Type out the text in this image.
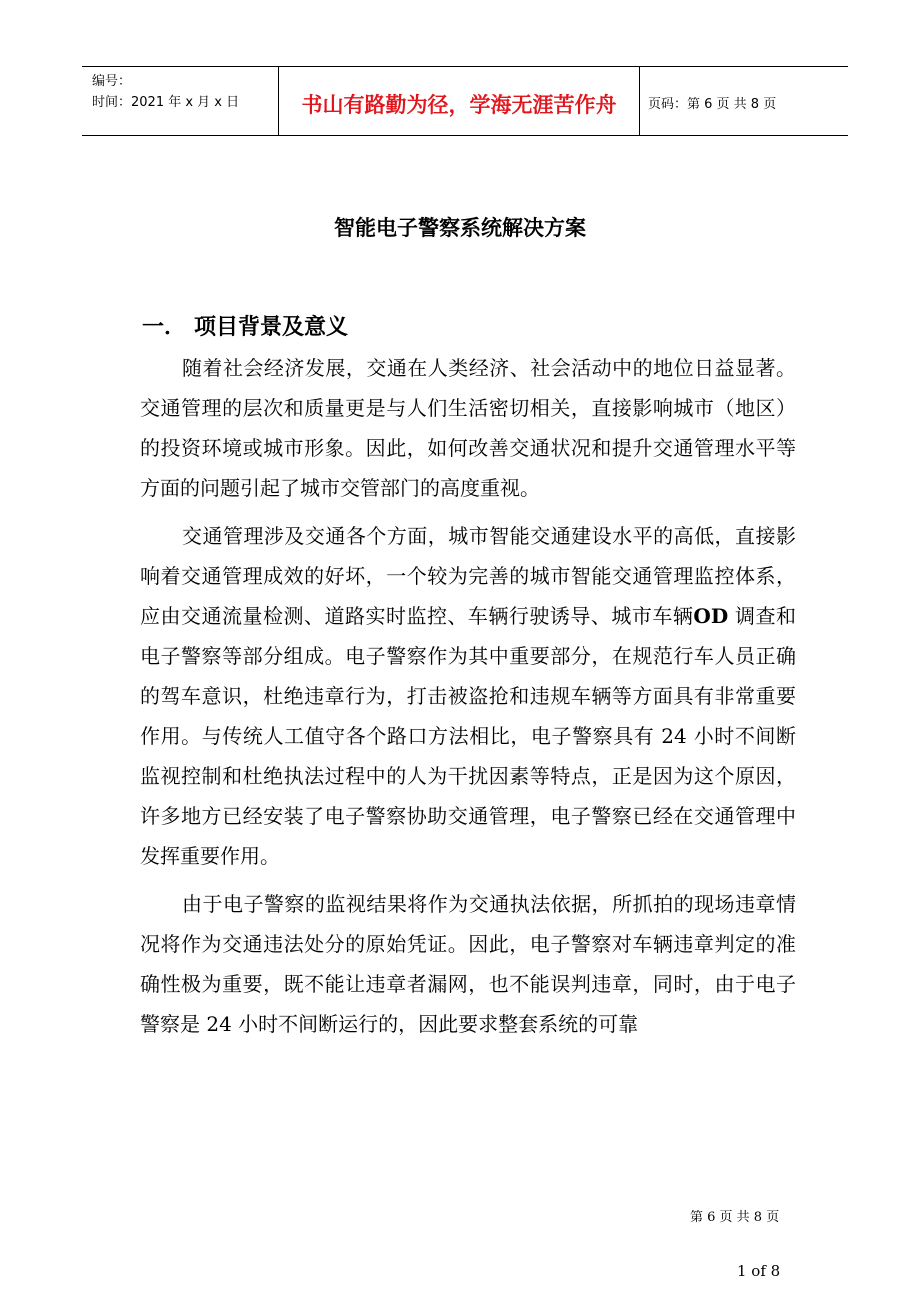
编号：
时间：2021 年 x 月 x 日	书山有路勤为径，学海无涯苦作舟	页码：第 6 页 共 8 页
智能电子警察系统解决方案
一． 项目背景及意义

随着社会经济发展，交通在人类经济、社会活动中的地位日益显著。交通管理的层次和质量更是与人们生活密切相关，直接影响城市（地区）的投资环境或城市形象。因此，如何改善交通状况和提升交通管理水平等方面的问题引起了城市交管部门的高度重视。

交通管理涉及交通各个方面，城市智能交通建设水平的高低，直接影响着交通管理成效的好坏，一个较为完善的城市智能交通管理监控体系，应由交通流量检测、道路实时监控、车辆行驶诱导、城市车辆OD 调查和电子警察等部分组成。电子警察作为其中重要部分，在规范行车人员正确的驾车意识，杜绝违章行为，打击被盗抢和违规车辆等方面具有非常重要作用。与传统人工值守各个路口方法相比，电子警察具有 24 小时不间断监视控制和杜绝执法过程中的人为干扰因素等特点，正是因为这个原因，许多地方已经安装了电子警察协助交通管理，电子警察已经在交通管理中发挥重要作用。

由于电子警察的监视结果将作为交通执法依据，所抓拍的现场违章情况将作为交通违法处分的原始凭证。因此，电子警察对车辆违章判定的准确性极为重要，既不能让违章者漏网，也不能误判违章，同时，由于电子警察是 24 小时不间断运行的，因此要求整套系统的可靠

第 6 页 共 8 页
1 of 8
